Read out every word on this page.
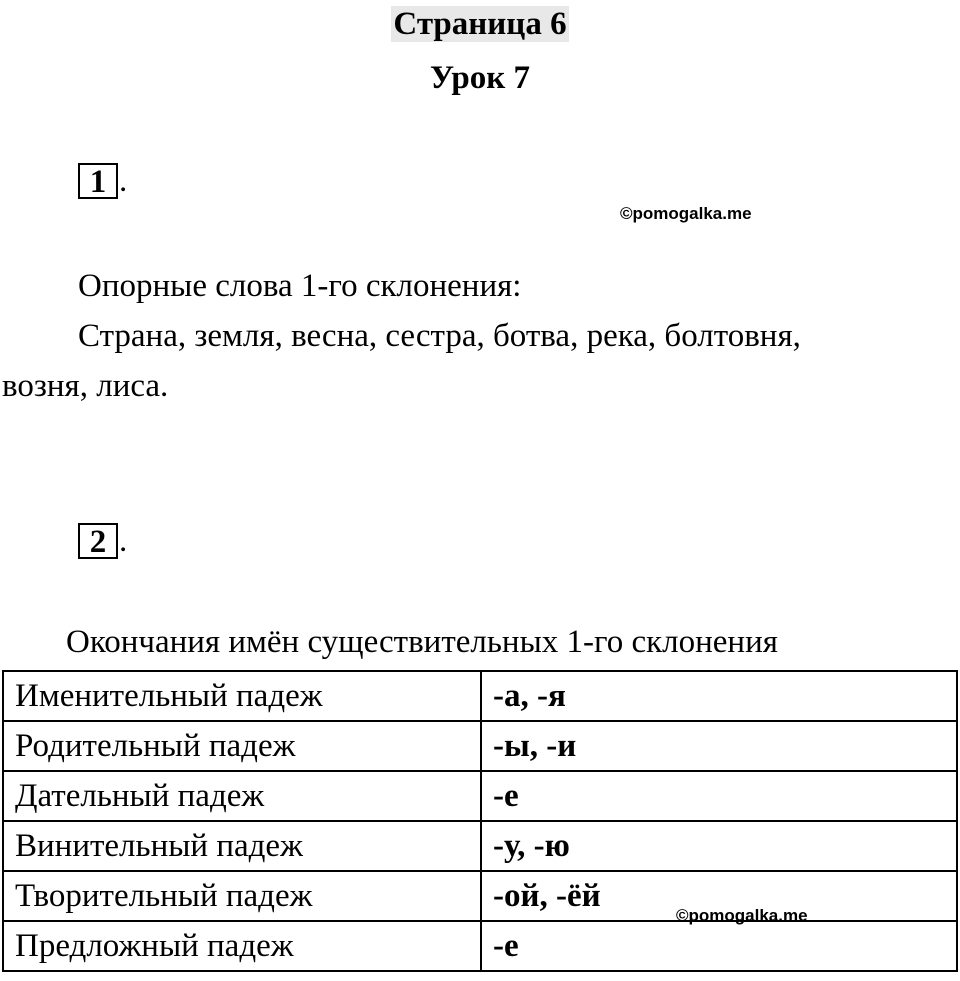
Страница 6
Урок 7
1 .
©pomogalka.me
Опорные слова 1-го склонения:
Страна, земля, весна, сестра, ботва, река, болтовня,
возня, лиса.
2 .
Окончания имён существительных 1-го склонения
Именительный падеж	-а, -я
Родительный падеж	-ы, -и
Дательный падеж	-е
Винительный падеж	-у, -ю
Творительный падеж	-ой, -ёй
Предложный падеж	-е
©pomogalka.me
